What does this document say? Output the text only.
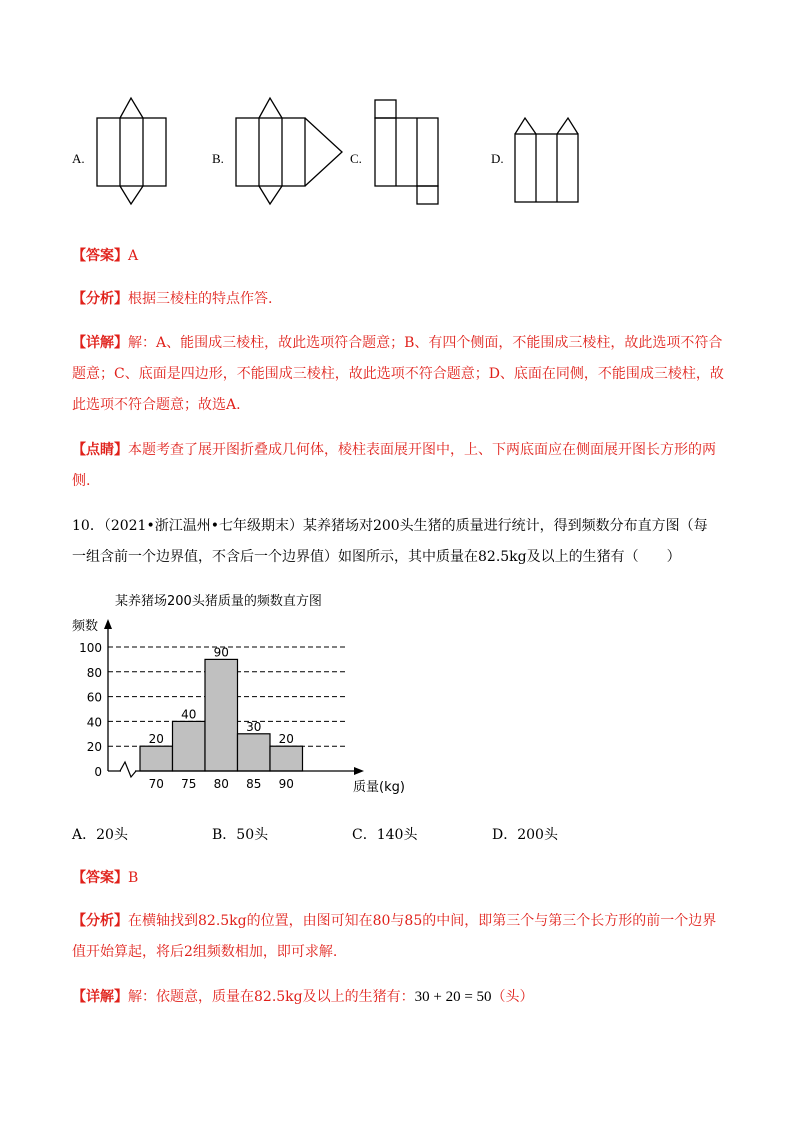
A.	B.	C.	D.
【答案】A
【分析】根据三棱柱的特点作答.
【详解】解：A、能围成三棱柱，故此选项符合题意；B、有四个侧面，不能围成三棱柱，故此选项不符合
题意；C、底面是四边形，不能围成三棱柱，故此选项不符合题意；D、底面在同侧，不能围成三棱柱，故
此选项不符合题意；故选A.
【点睛】本题考查了展开图折叠成几何体，棱柱表面展开图中，上、下两底面应在侧面展开图长方形的两
侧.
10．（2021•浙江温州•七年级期末）某养猪场对200头生猪的质量进行统计，得到频数分布直方图（每
一组含前一个边界值，不含后一个边界值）如图所示，其中质量在82.5kg及以上的生猪有（　　）
某养猪场200头猪质量的频数直方图
频数
质量(kg)
0
20
40
60
80
100
20
40
90
30
20
70 75 80 85 90
A．20头	B．50头	C．140头	D．200头
【答案】B
【分析】在横轴找到82.5kg的位置，由图可知在80与85的中间，即第三个与第三个长方形的前一个边界
值开始算起，将后2组频数相加，即可求解.
【详解】解：依题意，质量在82.5kg及以上的生猪有：30 + 20 = 50（头）
